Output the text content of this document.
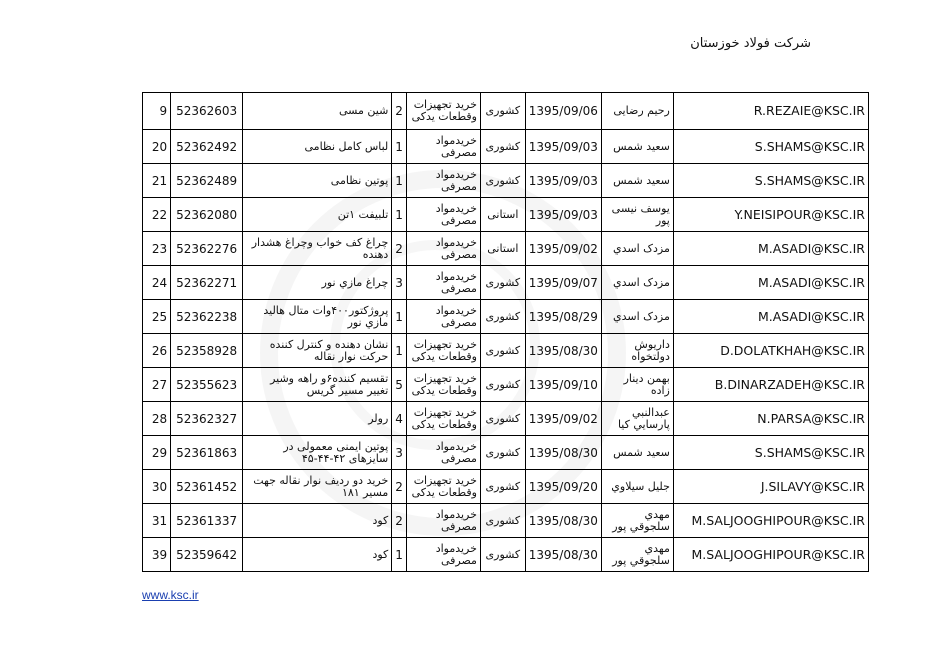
شرکت فولاد خوزستان
9	52362603	شین مسی	2	خرید تجهیزات وقطعات یدکی	کشوری	1395/09/06	رحیم رضایی	R.REZAIE@KSC.IR
20	52362492	لباس کامل نظامی	1	خریدمواد مصرفی	کشوری	1395/09/03	سعید شمس	S.SHAMS@KSC.IR
21	52362489	پوتین نظامی	1	خریدمواد مصرفی	کشوری	1395/09/03	سعید شمس	S.SHAMS@KSC.IR
22	52362080	تلبیفت ۱تن	1	خریدمواد مصرفی	استانی	1395/09/03	یوسف نیسی پور	Y.NEISIPOUR@KSC.IR
23	52362276	چراغ کف خواب وچراغ هشدار دهنده	2	خریدمواد مصرفی	استانی	1395/09/02	مزدک اسدي	M.ASADI@KSC.IR
24	52362271	چراغ مازي نور	3	خریدمواد مصرفی	کشوری	1395/09/07	مزدک اسدي	M.ASADI@KSC.IR
25	52362238	پروژکتور۴۰۰وات متال هالید مازي نور	1	خریدمواد مصرفی	کشوری	1395/08/29	مزدک اسدي	M.ASADI@KSC.IR
26	52358928	نشان دهنده و کنترل کننده حرکت نوار نقاله	1	خرید تجهیزات وقطعات یدکی	کشوری	1395/08/30	داریوش دولتخواه	D.DOLATKHAH@KSC.IR
27	52355623	تقسیم کننده۶و راهه وشیر تغییر مسیر گریس	5	خرید تجهیزات وقطعات یدکی	کشوری	1395/09/10	بهمن دینار زاده	B.DINARZADEH@KSC.IR
28	52362327	رولر	4	خرید تجهیزات وقطعات یدکی	کشوری	1395/09/02	عبدالنبي پارسايي کيا	N.PARSA@KSC.IR
29	52361863	پوتین ایمنی معمولی در سایزهای ۴۲-۴۴-۴۵	3	خریدمواد مصرفی	کشوری	1395/08/30	سعید شمس	S.SHAMS@KSC.IR
30	52361452	خرید دو ردیف نوار نقاله جهت مسیر ۱۸۱	2	خرید تجهیزات وقطعات یدکی	کشوری	1395/09/20	جلیل سیلاوي	J.SILAVY@KSC.IR
31	52361337	کود	2	خریدمواد مصرفی	کشوری	1395/08/30	مهدي سلجوقي پور	M.SALJOOGHIPOUR@KSC.IR
39	52359642	کود	1	خریدمواد مصرفی	کشوری	1395/08/30	مهدي سلجوقي پور	M.SALJOOGHIPOUR@KSC.IR
www.ksc.ir
